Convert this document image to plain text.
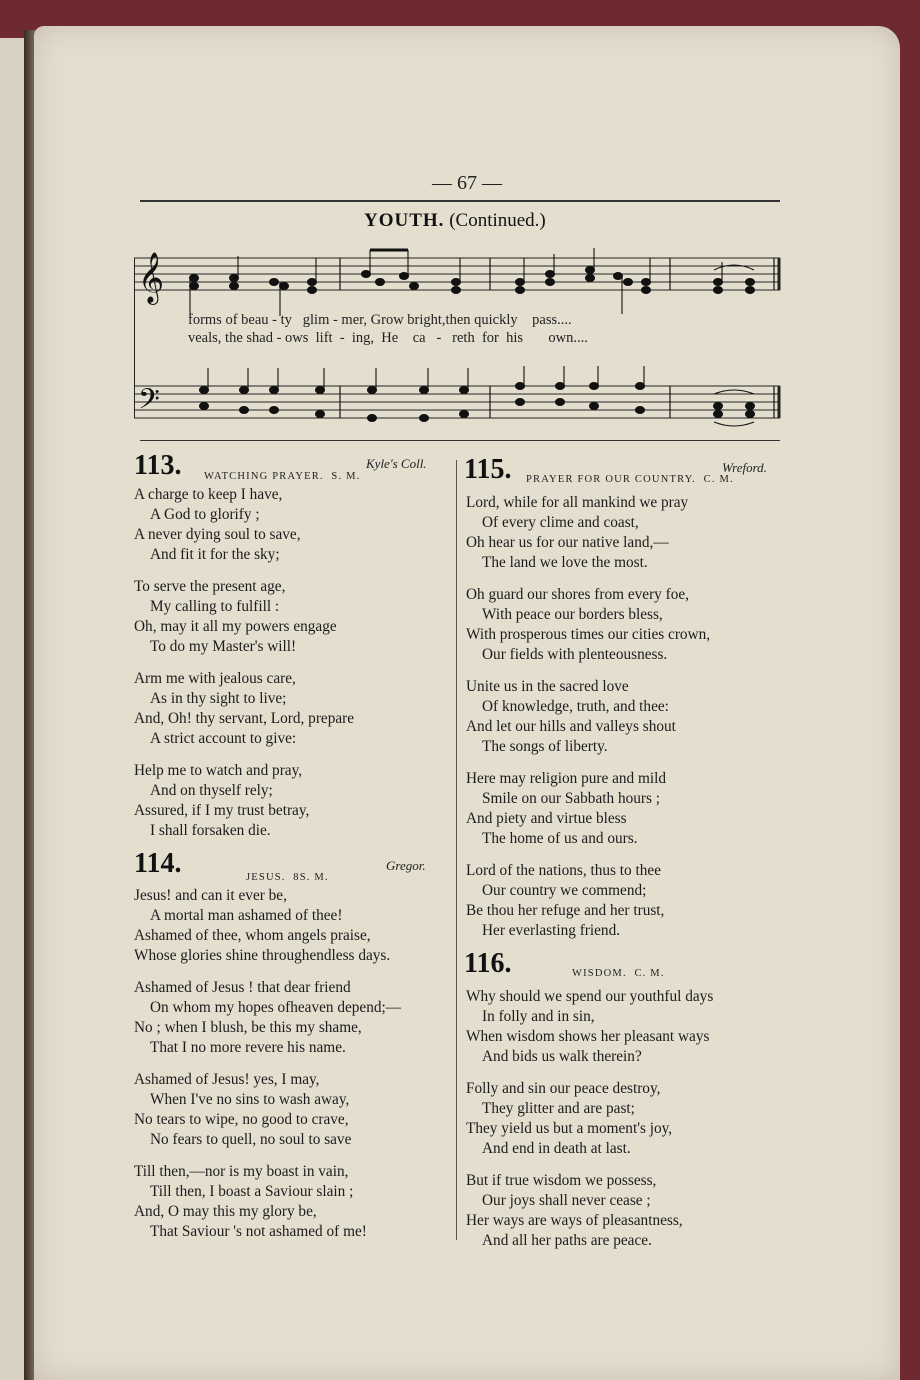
— 67 —
YOUTH. (Continued.)
𝄞
𝄢
forms of beau - ty   glim - mer, Grow bright,then quickly    pass....
veals, the shad - ows  lift  -  ing,  He    ca   -   reth  for  his       own....
113. WATCHING PRAYER. S. M.
Kyle's Coll.
A charge to keep I have,
A God to glorify ;
A never dying soul to save,
And fit it for the sky;
To serve the present age,
My calling to fulfill :
Oh, may it all my powers engage
To do my Master's will!
Arm me with jealous care,
As in thy sight to live;
And, Oh! thy servant, Lord, prepare
A strict account to give:
Help me to watch and pray,
And on thyself rely;
Assured, if I my trust betray,
I shall forsaken die.
114.	JESUS. 8S. M.
Gregor.
Jesus! and can it ever be,
A mortal man ashamed of thee!
Ashamed of thee, whom angels praise,
Whose glories shine throughendless days.
Ashamed of Jesus ! that dear friend
On whom my hopes ofheaven depend;—
No ; when I blush, be this my shame,
That I no more revere his name.
Ashamed of Jesus! yes, I may,
When I've no sins to wash away,
No tears to wipe, no good to crave,
No fears to quell, no soul to save
Till then,—nor is my boast in vain,
Till then, I boast a Saviour slain ;
And, O may this my glory be,
That Saviour 's not ashamed of me!
115. PRAYER FOR OUR COUNTRY. C. M.
Wreford.
Lord, while for all mankind we pray
Of every clime and coast,
Oh hear us for our native land,—
The land we love the most.
Oh guard our shores from every foe,
With peace our borders bless,
With prosperous times our cities crown,
Our fields with plenteousness.
Unite us in the sacred love
Of knowledge, truth, and thee:
And let our hills and valleys shout
The songs of liberty.
Here may religion pure and mild
Smile on our Sabbath hours ;
And piety and virtue bless
The home of us and ours.
Lord of the nations, thus to thee
Our country we commend;
Be thou her refuge and her trust,
Her everlasting friend.
116.	WISDOM. C. M.
Why should we spend our youthful days
In folly and in sin,
When wisdom shows her pleasant ways
And bids us walk therein?
Folly and sin our peace destroy,
They glitter and are past;
They yield us but a moment's joy,
And end in death at last.
But if true wisdom we possess,
Our joys shall never cease ;
Her ways are ways of pleasantness,
And all her paths are peace.
